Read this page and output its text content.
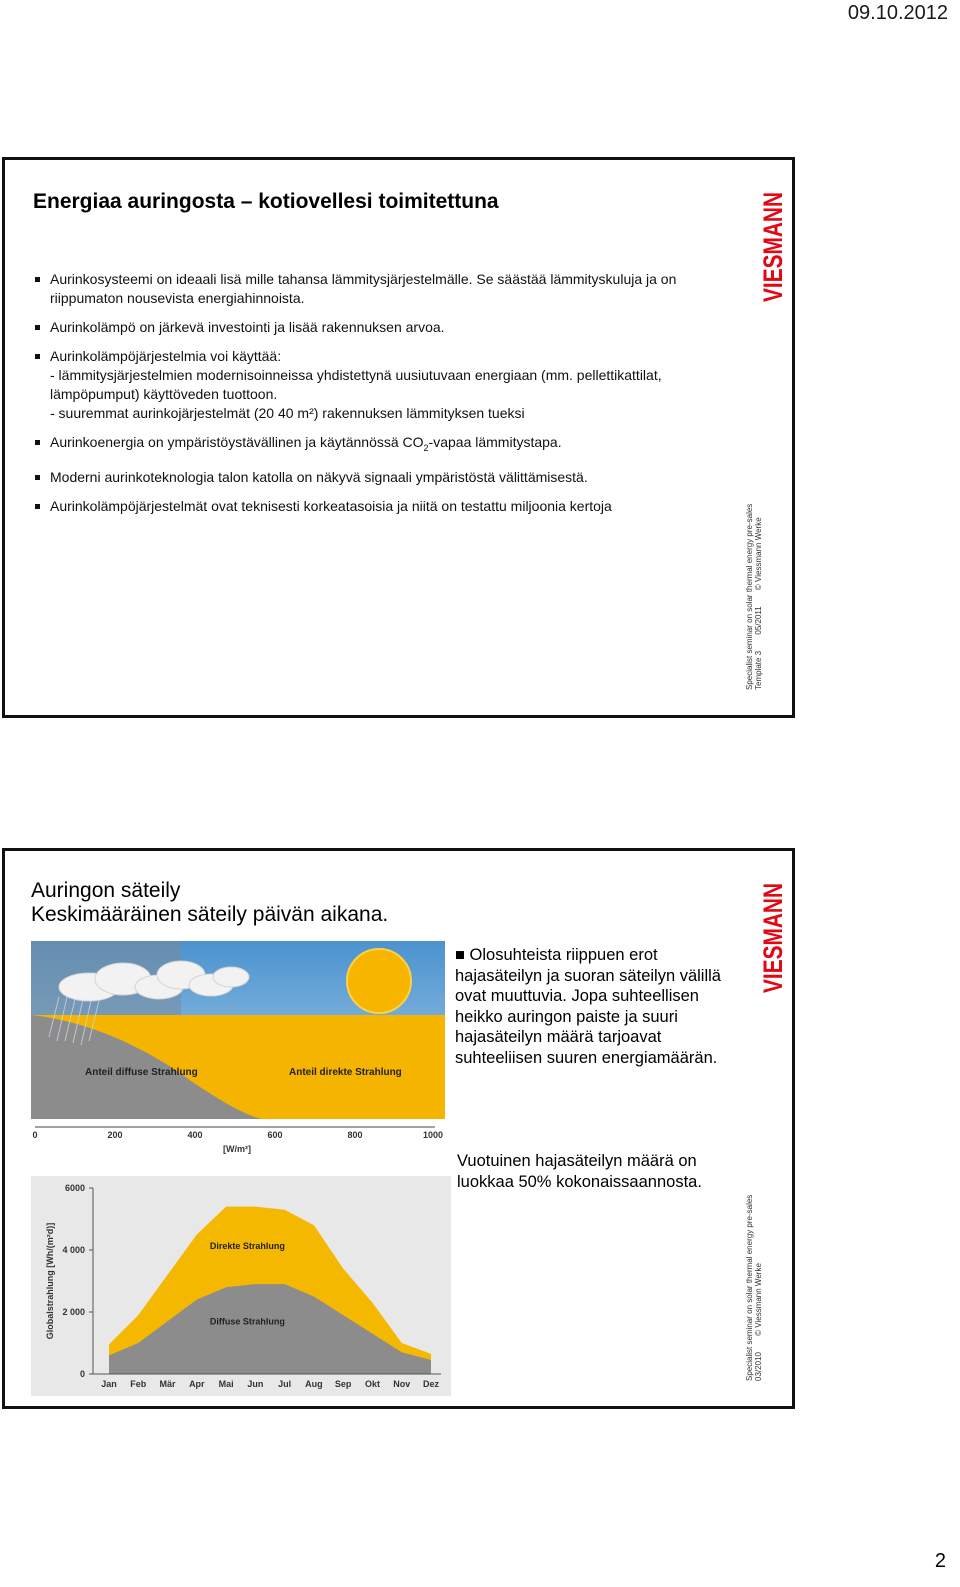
09.10.2012
Energiaa auringosta – kotiovellesi toimitettuna	VIESMANN

Aurinkosysteemi on ideaali lisä mille tahansa lämmitysjärjestelmälle. Se säästää lämmityskuluja ja on riippumaton nousevista energiahinnoista.

Aurinkolämpö on järkevä investointi ja lisää rakennuksen arvoa.

Aurinkolämpöjärjestelmia voi käyttää:

- lämmitysjärjestelmien modernisoinneissa yhdistettynä uusiutuvaan energiaan (mm. pellettikattilat, lämpöpumput) käyttöveden tuottoon.

- suuremmat aurinkojärjestelmät (20 40 m²) rakennuksen lämmityksen tueksi

Aurinkoenergia on ympäristöystävällinen ja käytännössä $CO_2$-vapaa lämmitystapa.

Moderni aurinkoteknologia talon katolla on näkyvä signaali ympäristöstä välittämisestä.

Aurinkolämpöjärjestelmät ovat teknisesti korkeatasoisia ja niitä on testattu miljoonia kertoja	Specialist seminar on solar thermal energy pre-sales Template 3 05/2011 © Viessmann Werke
Auringon säteily
Keskimääräinen säteily päivän aikana.	VIESMANN
Anteil diffuse Strahlung	Anteil direkte Strahlung
0	200	400	600	800	1000
[W/m²]
■ Olosuhteista riippuen erot hajasäteilyn ja suoran säteilyn välillä ovat muuttuvia. Jopa suhteellisen heikko auringon paiste ja suuri hajasäteilyn määrä tarjoavat suhteeliisen suuren energiamäärän.
Vuotuinen hajasäteilyn määrä on luokkaa 50% kokonaissaannosta.
0
2 000
4 000
6000
Jan Feb Mär Apr Mai Jun Jul Aug Sep Okt Nov Dez
Globalstrahlung [Wh/(m²d)]	Direkte Strahlung
Diffuse Strahlung	Specialist seminar on solar thermal energy pre-sales 03/2010 © Viessmann Werke
2
